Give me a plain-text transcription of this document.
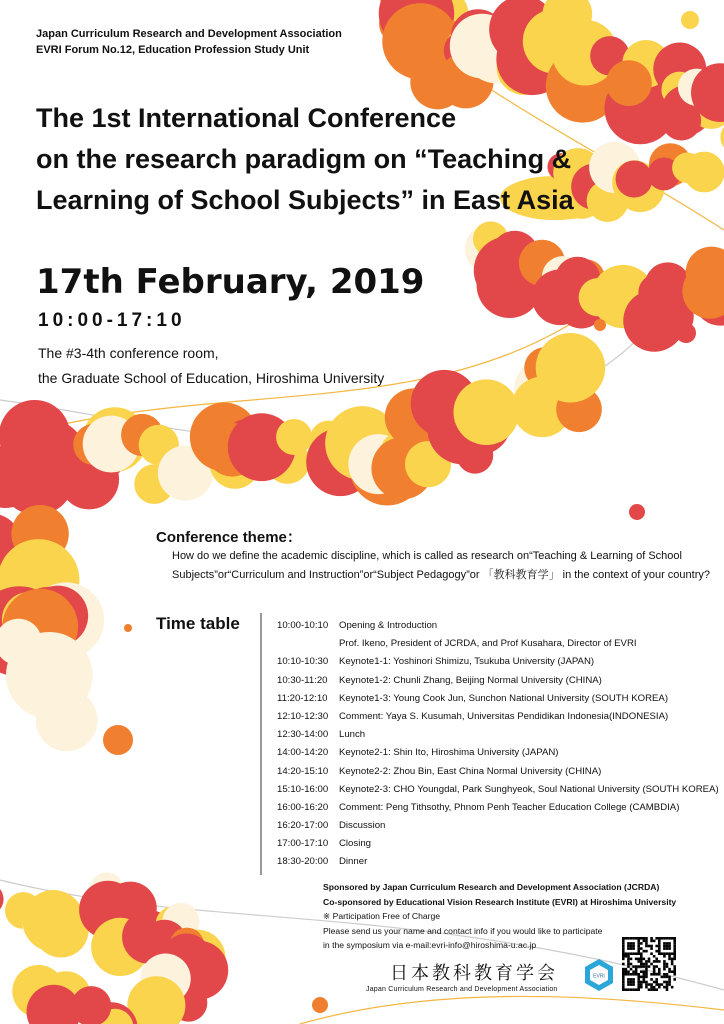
Japan Curriculum Research and Development Association
EVRI Forum No.12, Education Profession Study Unit
The 1st International Conference
on the research paradigm on “Teaching &
Learning of School Subjects” in East Asia
17th February, 2019
10:00-17:10
The #3-4th conference room,
the Graduate School of Education, Hiroshima University
Conference theme：
How do we define the academic discipline, which is called as research on“Teaching & Learning of School Subjects”or“Curriculum and Instruction”or“Subject Pedagogy”or 「教科教育学」 in the context of your country?
Time table	10:00-10:10 Opening & Introduction
Prof. Ikeno, President of JCRDA, and Prof Kusahara, Director of EVRI
10:10-10:30 Keynote1-1: Yoshinori Shimizu, Tsukuba University (JAPAN)
10:30-11:20 Keynote1-2: Chunli Zhang, Beijing Normal University (CHINA)
11:20-12:10 Keynote1-3: Young Cook Jun, Sunchon National University (SOUTH KOREA)
12:10-12:30 Comment: Yaya S. Kusumah, Universitas Pendidikan Indonesia(INDONESIA)
12:30-14:00 Lunch
14:00-14:20 Keynote2-1: Shin Ito, Hiroshima University (JAPAN)
14:20-15:10 Keynote2-2: Zhou Bin, East China Normal University (CHINA)
15:10-16:00 Keynote2-3: CHO Youngdal, Park Sunghyeok, Soul National University (SOUTH KOREA)
16:00-16:20 Comment: Peng Tithsothy, Phnom Penh Teacher Education College (CAMBDIA)
16:20-17:00 Discussion
17:00-17:10 Closing
18:30-20:00 Dinner
Sponsored by Japan Curriculum Research and Development Association (JCRDA)
Co-sponsored by Educational Vision Research Institute (EVRI) at Hiroshima University
※ Participation Free of Charge
Please send us your name and contact info if you would like to participate
in the symposium via e-mail:evri-info@hiroshima-u.ac.jp
日本教科教育学会
Japan Curriculum Research and Development Association
EVRI
